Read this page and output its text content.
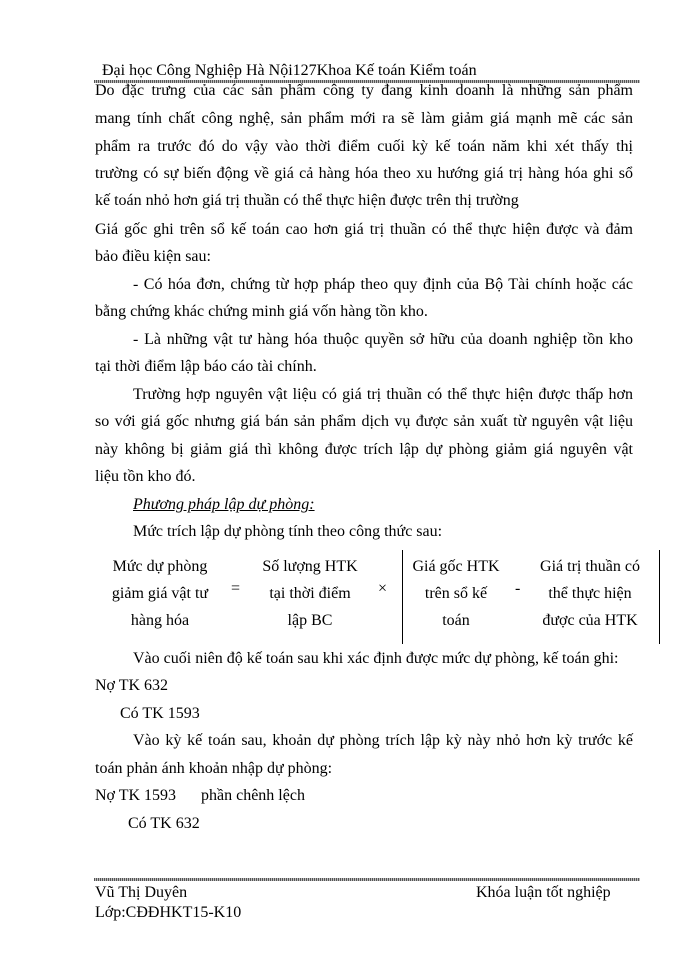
Đại học Công Nghiệp Hà Nội127Khoa Kế toán Kiểm toán
Do đặc trưng của các sản phẩm công ty đang kinh doanh là những sản phẩm
mang tính chất công nghệ, sản phẩm mới ra sẽ làm giảm giá mạnh mẽ các sản
phẩm ra trước đó do vậy vào thời điểm cuối kỳ kế toán năm khi xét thấy thị
trường có sự biến động về giá cả hàng hóa theo xu hướng giá trị hàng hóa ghi sổ
kế toán nhỏ hơn giá trị thuần có thể thực hiện được trên thị trường
Giá gốc ghi trên sổ kế toán cao hơn giá trị thuần có thể thực hiện được và đảm
bảo điều kiện sau:
- Có hóa đơn, chứng từ hợp pháp theo quy định của Bộ Tài chính hoặc các
bằng chứng khác chứng minh giá vốn hàng tồn kho.
- Là những vật tư hàng hóa thuộc quyền sở hữu của doanh nghiệp tồn kho
tại thời điểm lập báo cáo tài chính.
Trường hợp nguyên vật liệu có giá trị thuần có thể thực hiện được thấp hơn
so với giá gốc nhưng giá bán sản phẩm dịch vụ được sản xuất từ nguyên vật liệu
này không bị giảm giá thì không được trích lập dự phòng giảm giá nguyên vật
liệu tồn kho đó.
Phương pháp lập dự phòng:
Mức trích lập dự phòng tính theo công thức sau:
Mức dự phòng
giảm giá vật tư
hàng hóa
=
Số lượng HTK
tại thời điểm
lập BC
×
Giá gốc HTK
trên sổ kế
toán
-
Giá trị thuần có
thể thực hiện
được của HTK
Vào cuối niên độ kế toán sau khi xác định được mức dự phòng, kế toán ghi:
Nợ TK 632
Có TK 1593
Vào kỳ kế toán sau, khoản dự phòng trích lập kỳ này nhỏ hơn kỳ trước kế
toán phản ánh khoản nhập dự phòng:
Nợ TK 1593 phần chênh lệch
Có TK 632
Vũ Thị Duyên
Lớp:CĐĐHKT15-K10
Khóa luận tốt nghiệp
